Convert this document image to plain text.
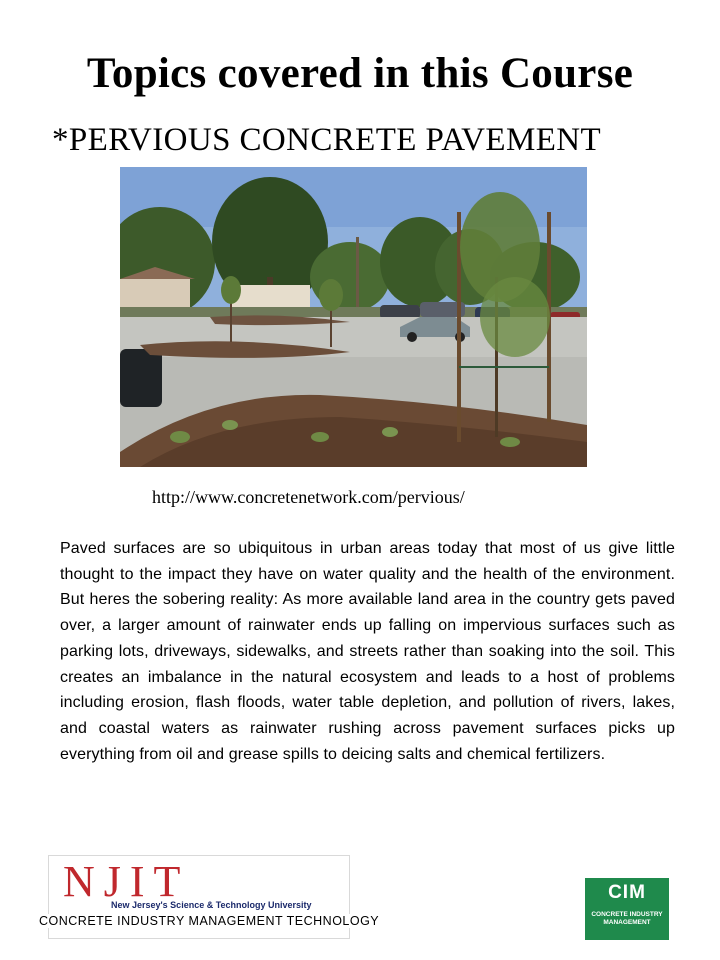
Topics covered in this Course
*PERVIOUS CONCRETE PAVEMENT
http://www.concretenetwork.com/pervious/
Paved surfaces are so ubiquitous in urban areas today that most of us give little thought to the impact they have on water quality and the health of the environment. But heres the sobering reality: As more available land area in the country gets paved over, a larger amount of rainwater ends up falling on impervious surfaces such as parking lots, driveways, sidewalks, and streets rather than soaking into the soil. This creates an imbalance in the natural ecosystem and leads to a host of problems including erosion, flash floods, water table depletion, and pollution of rivers, lakes, and coastal waters as rainwater rushing across pavement surfaces picks up everything from oil and grease spills to deicing salts and chemical fertilizers.
NJIT
New Jersey's Science & Technology University
CONCRETE INDUSTRY MANAGEMENT TECHNOLOGY
CIM
CONCRETE INDUSTRY MANAGEMENT
